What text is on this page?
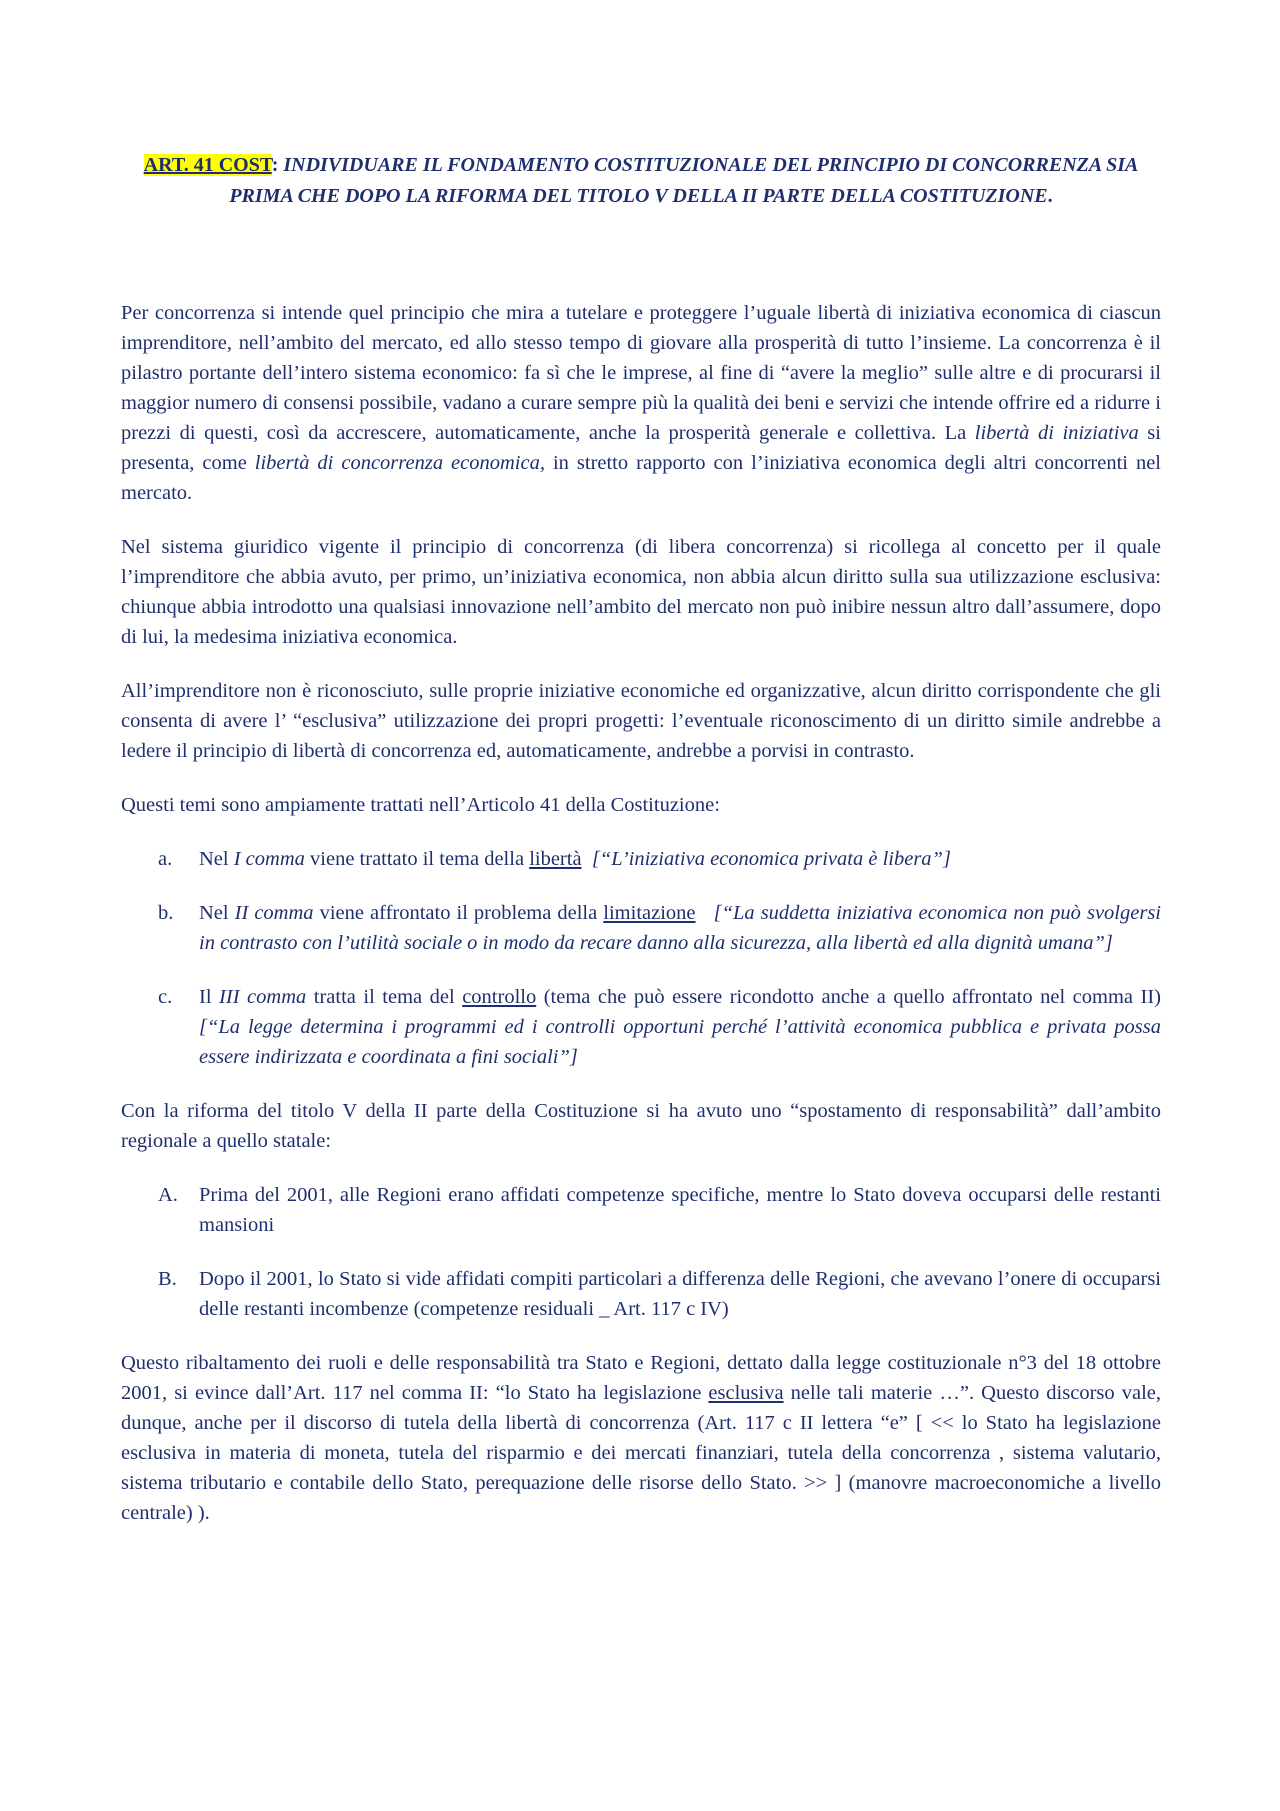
ART. 41 COST: INDIVIDUARE IL FONDAMENTO COSTITUZIONALE DEL PRINCIPIO DI CONCORRENZA SIA PRIMA CHE DOPO LA RIFORMA DEL TITOLO V DELLA II PARTE DELLA COSTITUZIONE.

Per concorrenza si intende quel principio che mira a tutelare e proteggere l’uguale libertà di iniziativa economica di ciascun imprenditore, nell’ambito del mercato, ed allo stesso tempo di giovare alla prosperità di tutto l’insieme. La concorrenza è il pilastro portante dell’intero sistema economico: fa sì che le imprese, al fine di “avere la meglio” sulle altre e di procurarsi il maggior numero di consensi possibile, vadano a curare sempre più la qualità dei beni e servizi che intende offrire ed a ridurre i prezzi di questi, così da accrescere, automaticamente, anche la prosperità generale e collettiva. La libertà di iniziativa si presenta, come libertà di concorrenza economica, in stretto rapporto con l’iniziativa economica degli altri concorrenti nel mercato.

Nel sistema giuridico vigente il principio di concorrenza (di libera concorrenza) si ricollega al concetto per il quale l’imprenditore che abbia avuto, per primo, un’iniziativa economica, non abbia alcun diritto sulla sua utilizzazione esclusiva: chiunque abbia introdotto una qualsiasi innovazione nell’ambito del mercato non può inibire nessun altro dall’assumere, dopo di lui, la medesima iniziativa economica.

All’imprenditore non è riconosciuto, sulle proprie iniziative economiche ed organizzative, alcun diritto corrispondente che gli consenta di avere l’ “esclusiva” utilizzazione dei propri progetti: l’eventuale riconoscimento di un diritto simile andrebbe a ledere il principio di libertà di concorrenza ed, automaticamente, andrebbe a porvisi in contrasto.

Questi temi sono ampiamente trattati nell’Articolo 41 della Costituzione:

a.	Nel I comma viene trattato il tema della libertà [“L’iniziativa economica privata è libera”]
b.	Nel II comma viene affrontato il problema della limitazione [“La suddetta iniziativa economica non può svolgersi in contrasto con l’utilità sociale o in modo da recare danno alla sicurezza, alla libertà ed alla dignità umana”]
c.	Il III comma tratta il tema del controllo (tema che può essere ricondotto anche a quello affrontato nel comma II) [“La legge determina i programmi ed i controlli opportuni perché l’attività economica pubblica e privata possa essere indirizzata e coordinata a fini sociali”]

Con la riforma del titolo V della II parte della Costituzione si ha avuto uno “spostamento di responsabilità” dall’ambito regionale a quello statale:

A.	Prima del 2001, alle Regioni erano affidati competenze specifiche, mentre lo Stato doveva occuparsi delle restanti mansioni
B.	Dopo il 2001, lo Stato si vide affidati compiti particolari a differenza delle Regioni, che avevano l’onere di occuparsi delle restanti incombenze (competenze residuali _ Art. 117 c IV)

Questo ribaltamento dei ruoli e delle responsabilità tra Stato e Regioni, dettato dalla legge costituzionale n°3 del 18 ottobre 2001, si evince dall’Art. 117 nel comma II: “lo Stato ha legislazione esclusiva nelle tali materie …”. Questo discorso vale, dunque, anche per il discorso di tutela della libertà di concorrenza (Art. 117 c II lettera “e” [ << lo Stato ha legislazione esclusiva in materia di moneta, tutela del risparmio e dei mercati finanziari, tutela della concorrenza , sistema valutario, sistema tributario e contabile dello Stato, perequazione delle risorse dello Stato. >> ] (manovre macroeconomiche a livello centrale) ).
